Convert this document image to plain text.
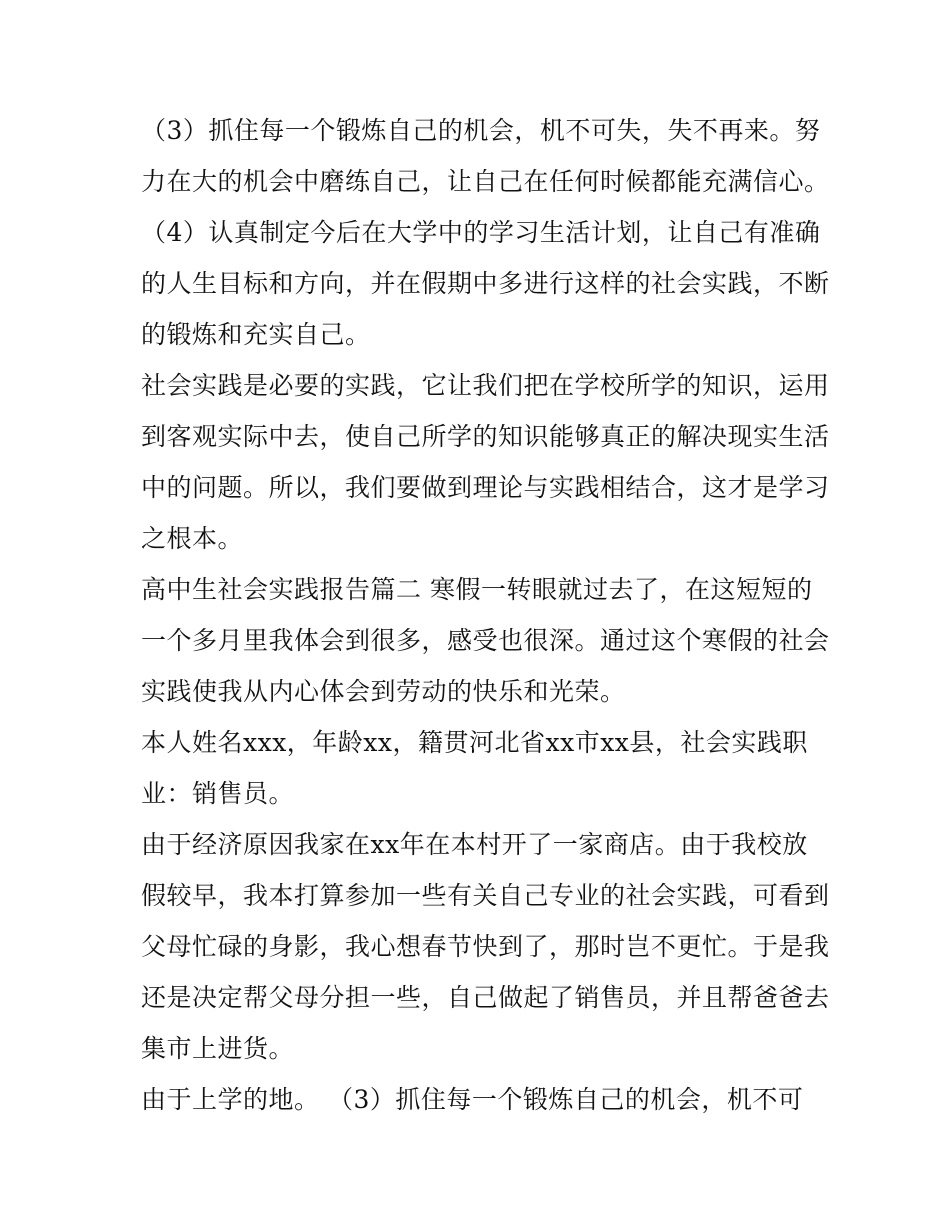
（3）抓住每一个锻炼自己的机会，机不可失，失不再来。努
力在大的机会中磨练自己，让自己在任何时候都能充满信心。

（4）认真制定今后在大学中的学习生活计划，让自己有准确
的人生目标和方向，并在假期中多进行这样的社会实践，不断
的锻炼和充实自己。

社会实践是必要的实践，它让我们把在学校所学的知识，运用
到客观实际中去，使自己所学的知识能够真正的解决现实生活
中的问题。所以，我们要做到理论与实践相结合，这才是学习
之根本。

高中生社会实践报告篇二 寒假一转眼就过去了，在这短短的
一个多月里我体会到很多，感受也很深。通过这个寒假的社会
实践使我从内心体会到劳动的快乐和光荣。

本人姓名xxx，年龄xx，籍贯河北省xx市xx县，社会实践职
业：销售员。

由于经济原因我家在xx年在本村开了一家商店。由于我校放
假较早，我本打算参加一些有关自己专业的社会实践，可看到
父母忙碌的身影，我心想春节快到了，那时岂不更忙。于是我
还是决定帮父母分担一些，自己做起了销售员，并且帮爸爸去
集市上进货。

由于上学的地。 （3）抓住每一个锻炼自己的机会，机不可
